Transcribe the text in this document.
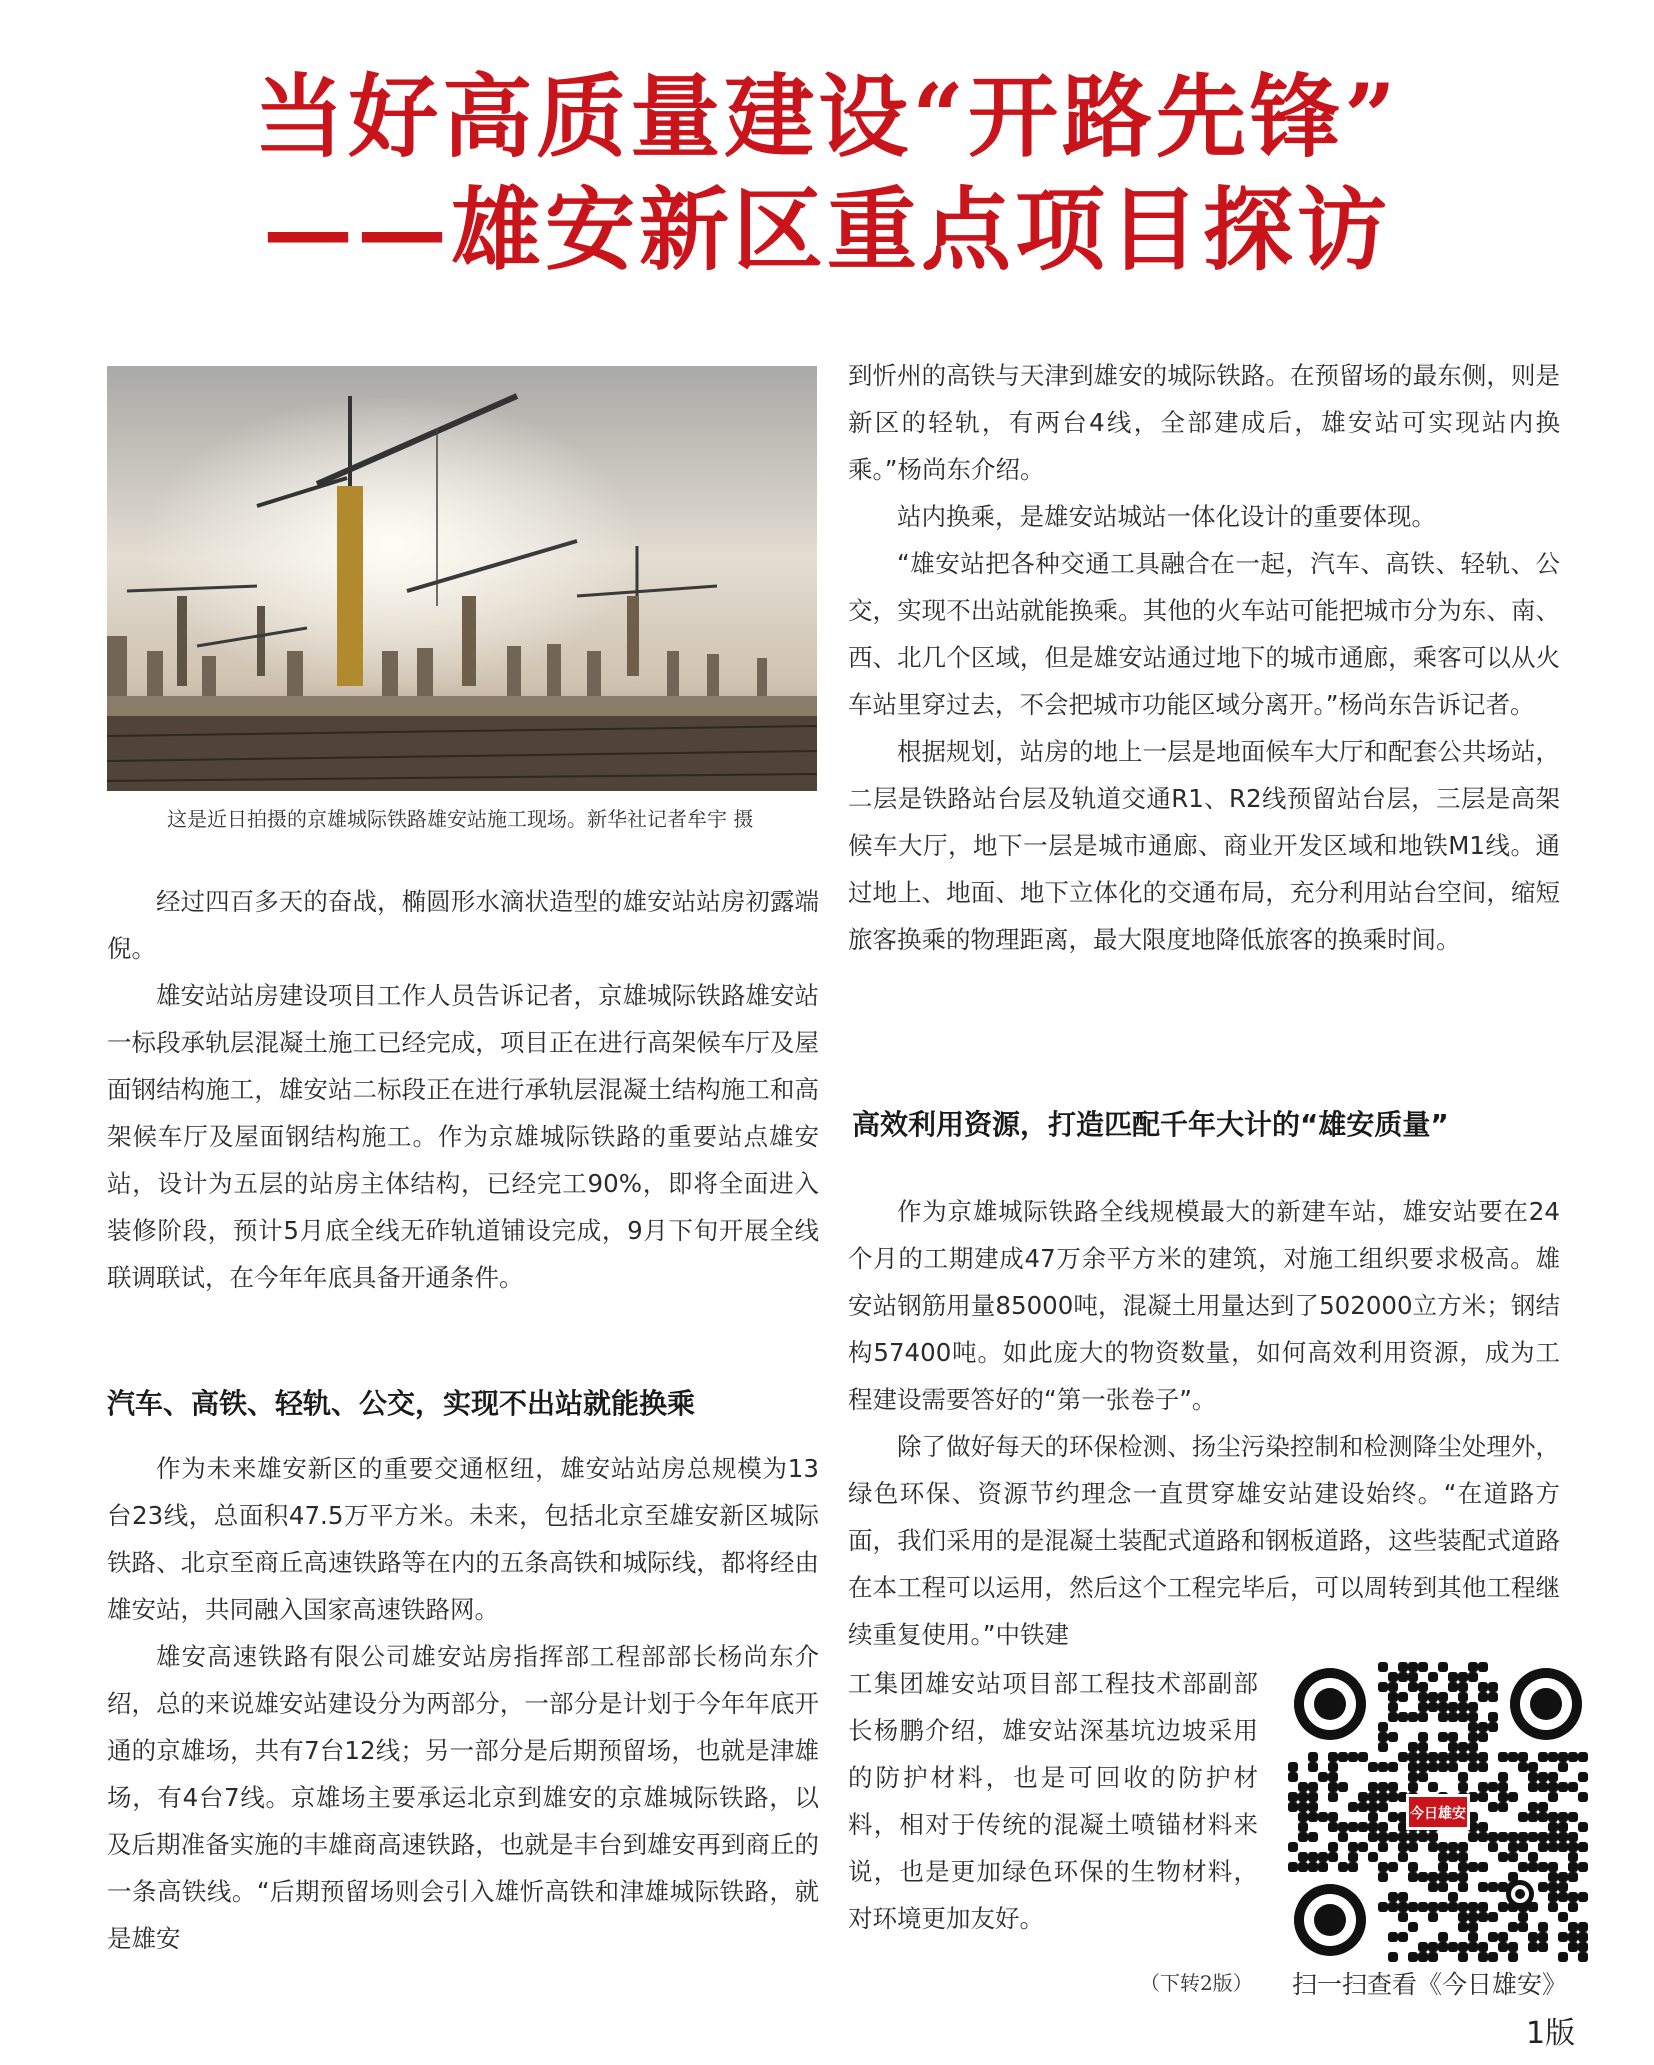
当好高质量建设“开路先锋”
——雄安新区重点项目探访

这是近日拍摄的京雄城际铁路雄安站施工现场。新华社记者牟宇 摄

经过四百多天的奋战，椭圆形水滴状造型的雄安站站房初露端倪。

雄安站站房建设项目工作人员告诉记者，京雄城际铁路雄安站一标段承轨层混凝土施工已经完成，项目正在进行高架候车厅及屋面钢结构施工，雄安站二标段正在进行承轨层混凝土结构施工和高架候车厅及屋面钢结构施工。作为京雄城际铁路的重要站点雄安站，设计为五层的站房主体结构，已经完工90%，即将全面进入装修阶段，预计5月底全线无砟轨道铺设完成，9月下旬开展全线联调联试，在今年年底具备开通条件。

汽车、高铁、轻轨、公交，实现不出站就能换乘

作为未来雄安新区的重要交通枢纽，雄安站站房总规模为13台23线，总面积47.5万平方米。未来，包括北京至雄安新区城际铁路、北京至商丘高速铁路等在内的五条高铁和城际线，都将经由雄安站，共同融入国家高速铁路网。

雄安高速铁路有限公司雄安站房指挥部工程部部长杨尚东介绍，总的来说雄安站建设分为两部分，一部分是计划于今年年底开通的京雄场，共有7台12线；另一部分是后期预留场，也就是津雄场，有4台7线。京雄场主要承运北京到雄安的京雄城际铁路，以及后期准备实施的丰雄商高速铁路，也就是丰台到雄安再到商丘的一条高铁线。“后期预留场则会引入雄忻高铁和津雄城际铁路，就是雄安

到忻州的高铁与天津到雄安的城际铁路。在预留场的最东侧，则是新区的轻轨，有两台4线，全部建成后，雄安站可实现站内换乘。”杨尚东介绍。

站内换乘，是雄安站城站一体化设计的重要体现。

“雄安站把各种交通工具融合在一起，汽车、高铁、轻轨、公交，实现不出站就能换乘。其他的火车站可能把城市分为东、南、西、北几个区域，但是雄安站通过地下的城市通廊，乘客可以从火车站里穿过去，不会把城市功能区域分离开。”杨尚东告诉记者。

根据规划，站房的地上一层是地面候车大厅和配套公共场站，二层是铁路站台层及轨道交通R1、R2线预留站台层，三层是高架候车大厅，地下一层是城市通廊、商业开发区域和地铁M1线。通过地上、地面、地下立体化的交通布局，充分利用站台空间，缩短旅客换乘的物理距离，最大限度地降低旅客的换乘时间。

高效利用资源，打造匹配千年大计的“雄安质量”

作为京雄城际铁路全线规模最大的新建车站，雄安站要在24个月的工期建成47万余平方米的建筑，对施工组织要求极高。雄安站钢筋用量85000吨，混凝土用量达到了502000立方米；钢结构57400吨。如此庞大的物资数量，如何高效利用资源，成为工程建设需要答好的“第一张卷子”。

除了做好每天的环保检测、扬尘污染控制和检测降尘处理外，绿色环保、资源节约理念一直贯穿雄安站建设始终。“在道路方面，我们采用的是混凝土装配式道路和钢板道路，这些装配式道路在本工程可以运用，然后这个工程完毕后，可以周转到其他工程继续重复使用。”中铁建

工集团雄安站项目部工程技术部副部长杨鹏介绍，雄安站深基坑边坡采用的防护材料，也是可回收的防护材料，相对于传统的混凝土喷锚材料来说，也是更加绿色环保的生物材料，对环境更加友好。

（下转2版）

今日雄安

扫一扫查看《今日雄安》

1版
